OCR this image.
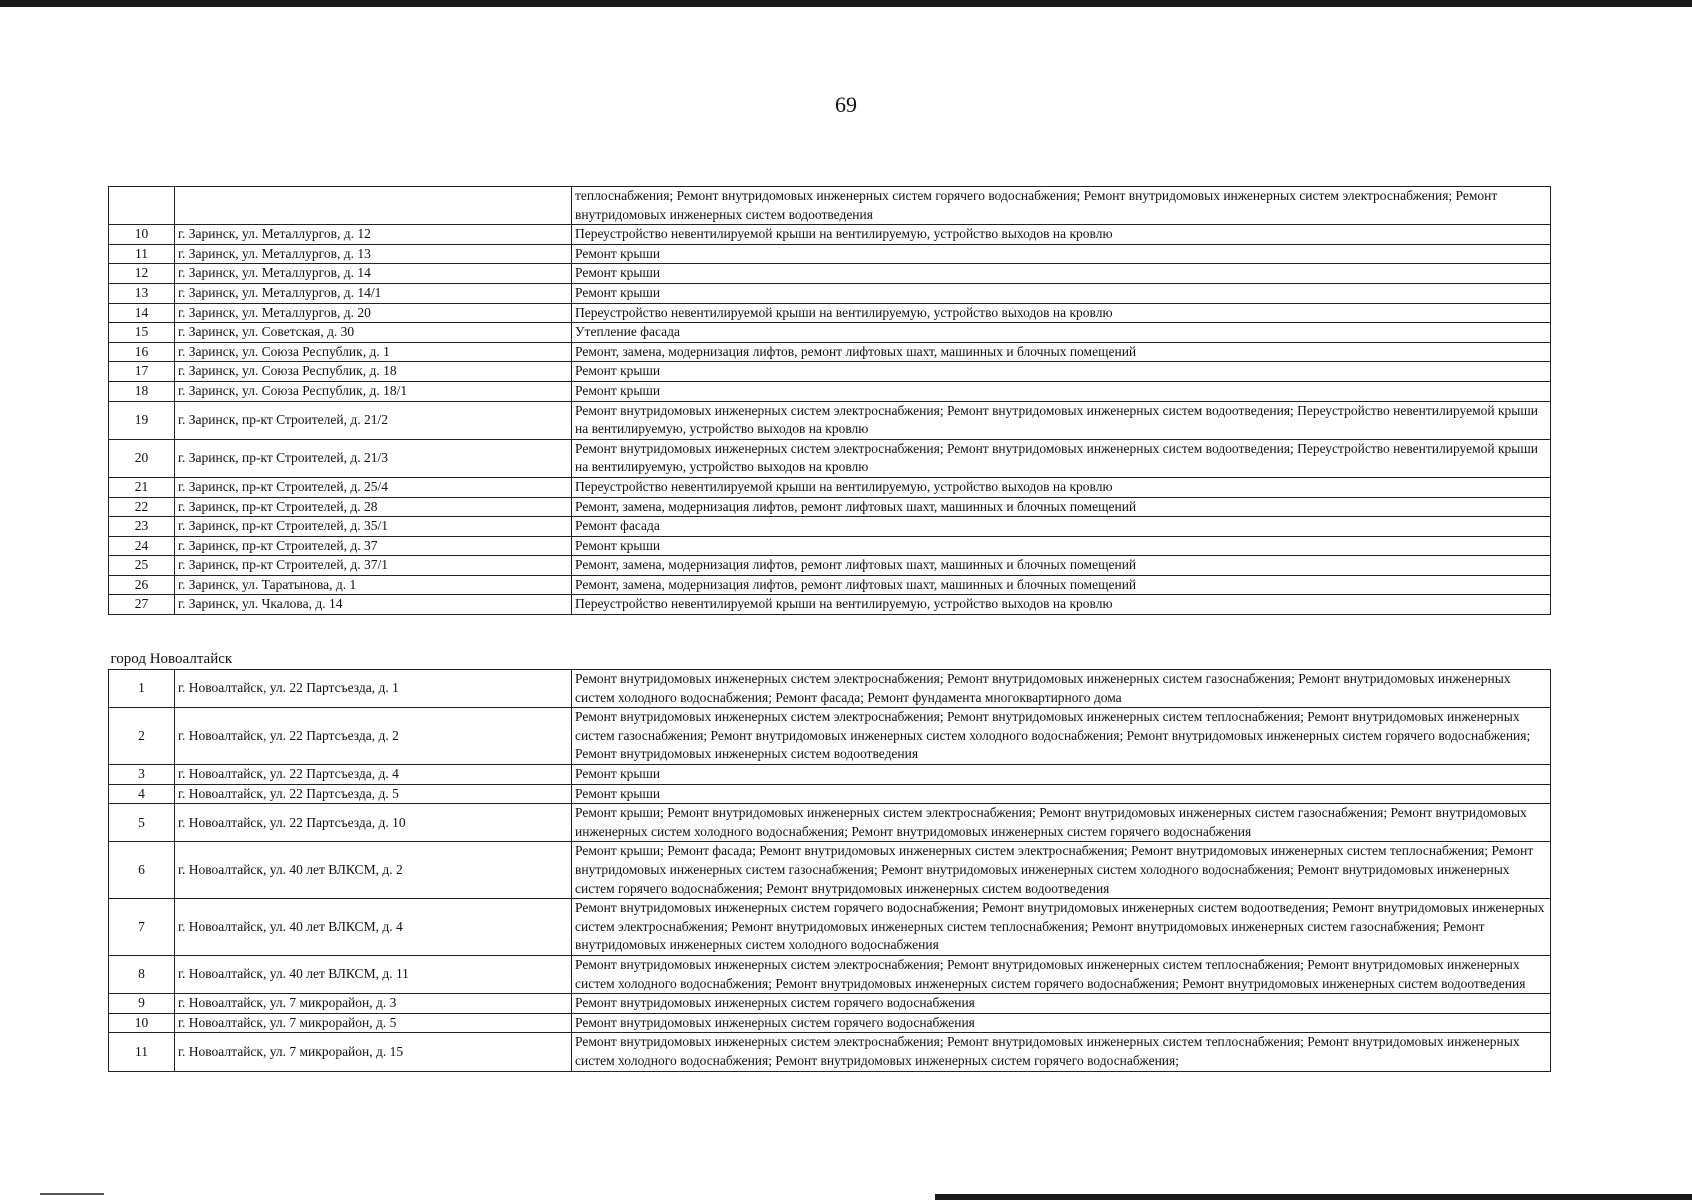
69
		теплоснабжения; Ремонт внутридомовых инженерных систем горячего водоснабжения; Ремонт внутридомовых инженерных систем электроснабжения; Ремонт внутридомовых инженерных систем водоотведения
10	г. Заринск, ул. Металлургов, д. 12	Переустройство невентилируемой крыши на вентилируемую, устройство выходов на кровлю
11	г. Заринск, ул. Металлургов, д. 13	Ремонт крыши
12	г. Заринск, ул. Металлургов, д. 14	Ремонт крыши
13	г. Заринск, ул. Металлургов, д. 14/1	Ремонт крыши
14	г. Заринск, ул. Металлургов, д. 20	Переустройство невентилируемой крыши на вентилируемую, устройство выходов на кровлю
15	г. Заринск, ул. Советская, д. 30	Утепление фасада
16	г. Заринск, ул. Союза Республик, д. 1	Ремонт, замена, модернизация лифтов, ремонт лифтовых шахт, машинных и блочных помещений
17	г. Заринск, ул. Союза Республик, д. 18	Ремонт крыши
18	г. Заринск, ул. Союза Республик, д. 18/1	Ремонт крыши
19	г. Заринск, пр-кт Строителей, д. 21/2	Ремонт внутридомовых инженерных систем электроснабжения; Ремонт внутридомовых инженерных систем водоотведения; Переустройство невентилируемой крыши на вентилируемую, устройство выходов на кровлю
20	г. Заринск, пр-кт Строителей, д. 21/3	Ремонт внутридомовых инженерных систем электроснабжения; Ремонт внутридомовых инженерных систем водоотведения; Переустройство невентилируемой крыши на вентилируемую, устройство выходов на кровлю
21	г. Заринск, пр-кт Строителей, д. 25/4	Переустройство невентилируемой крыши на вентилируемую, устройство выходов на кровлю
22	г. Заринск, пр-кт Строителей, д. 28	Ремонт, замена, модернизация лифтов, ремонт лифтовых шахт, машинных и блочных помещений
23	г. Заринск, пр-кт Строителей, д. 35/1	Ремонт фасада
24	г. Заринск, пр-кт Строителей, д. 37	Ремонт крыши
25	г. Заринск, пр-кт Строителей, д. 37/1	Ремонт, замена, модернизация лифтов, ремонт лифтовых шахт, машинных и блочных помещений
26	г. Заринск, ул. Таратынова, д. 1	Ремонт, замена, модернизация лифтов, ремонт лифтовых шахт, машинных и блочных помещений
27	г. Заринск, ул. Чкалова, д. 14	Переустройство невентилируемой крыши на вентилируемую, устройство выходов на кровлю
город Новоалтайск		
1	г. Новоалтайск, ул. 22 Партсъезда, д. 1	Ремонт внутридомовых инженерных систем электроснабжения; Ремонт внутридомовых инженерных систем газоснабжения; Ремонт внутридомовых инженерных систем холодного водоснабжения; Ремонт фасада; Ремонт фундамента многоквартирного дома
2	г. Новоалтайск, ул. 22 Партсъезда, д. 2	Ремонт внутридомовых инженерных систем электроснабжения; Ремонт внутридомовых инженерных систем теплоснабжения; Ремонт внутридомовых инженерных систем газоснабжения; Ремонт внутридомовых инженерных систем холодного водоснабжения; Ремонт внутридомовых инженерных систем горячего водоснабжения; Ремонт внутридомовых инженерных систем водоотведения
3	г. Новоалтайск, ул. 22 Партсъезда, д. 4	Ремонт крыши
4	г. Новоалтайск, ул. 22 Партсъезда, д. 5	Ремонт крыши
5	г. Новоалтайск, ул. 22 Партсъезда, д. 10	Ремонт крыши; Ремонт внутридомовых инженерных систем электроснабжения; Ремонт внутридомовых инженерных систем газоснабжения; Ремонт внутридомовых инженерных систем холодного водоснабжения; Ремонт внутридомовых инженерных систем горячего водоснабжения
6	г. Новоалтайск, ул. 40 лет ВЛКСМ, д. 2	Ремонт крыши; Ремонт фасада; Ремонт внутридомовых инженерных систем электроснабжения; Ремонт внутридомовых инженерных систем теплоснабжения; Ремонт внутридомовых инженерных систем газоснабжения; Ремонт внутридомовых инженерных систем холодного водоснабжения; Ремонт внутридомовых инженерных систем горячего водоснабжения; Ремонт внутридомовых инженерных систем водоотведения
7	г. Новоалтайск, ул. 40 лет ВЛКСМ, д. 4	Ремонт внутридомовых инженерных систем горячего водоснабжения; Ремонт внутридомовых инженерных систем водоотведения; Ремонт внутридомовых инженерных систем электроснабжения; Ремонт внутридомовых инженерных систем теплоснабжения; Ремонт внутридомовых инженерных систем газоснабжения; Ремонт внутридомовых инженерных систем холодного водоснабжения
8	г. Новоалтайск, ул. 40 лет ВЛКСМ, д. 11	Ремонт внутридомовых инженерных систем электроснабжения; Ремонт внутридомовых инженерных систем теплоснабжения; Ремонт внутридомовых инженерных систем холодного водоснабжения; Ремонт внутридомовых инженерных систем горячего водоснабжения; Ремонт внутридомовых инженерных систем водоотведения
9	г. Новоалтайск, ул. 7 микрорайон, д. 3	Ремонт внутридомовых инженерных систем горячего водоснабжения
10	г. Новоалтайск, ул. 7 микрорайон, д. 5	Ремонт внутридомовых инженерных систем горячего водоснабжения
11	г. Новоалтайск, ул. 7 микрорайон, д. 15	Ремонт внутридомовых инженерных систем электроснабжения; Ремонт внутридомовых инженерных систем теплоснабжения; Ремонт внутридомовых инженерных систем холодного водоснабжения; Ремонт внутридомовых инженерных систем горячего водоснабжения;
